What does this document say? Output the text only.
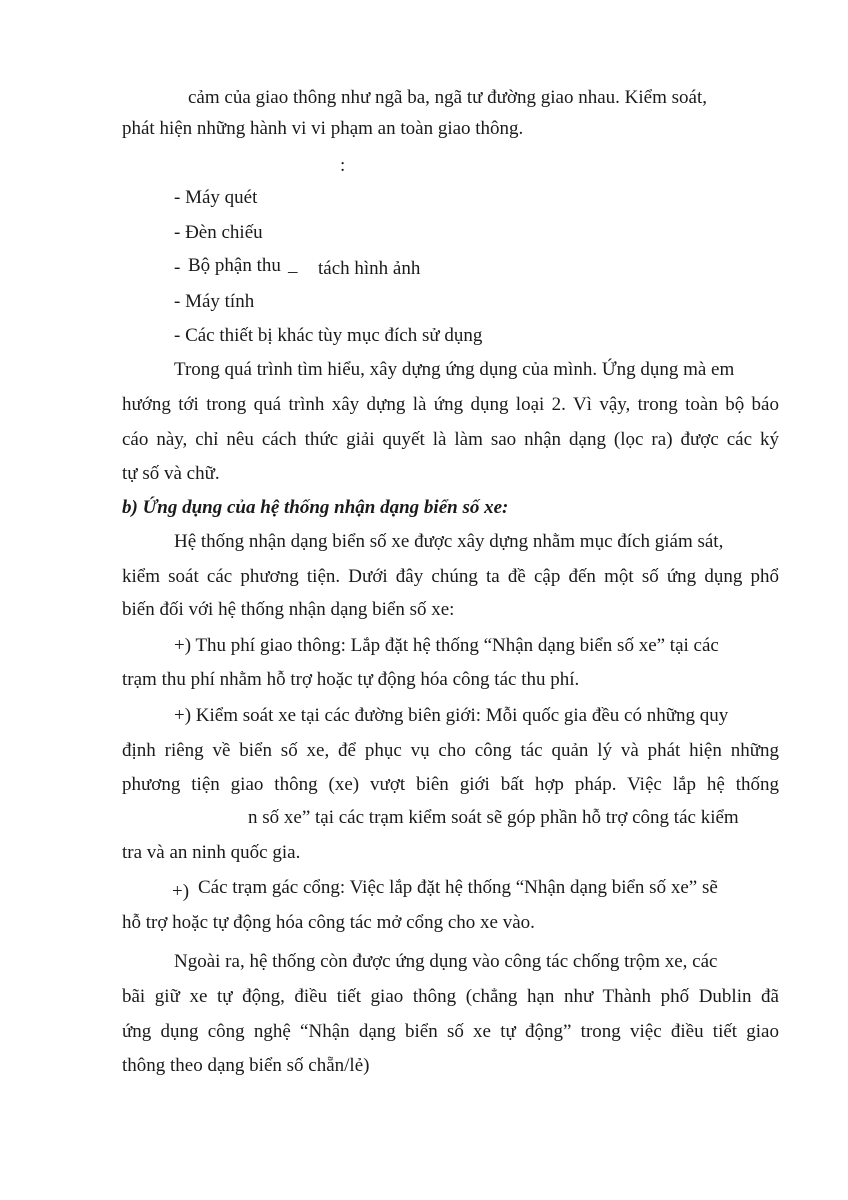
cảm của giao thông như ngã ba, ngã tư đường giao nhau. Kiểm soát,
phát hiện những hành vi vi phạm an toàn giao thông.
:
- Máy quét
- Đèn chiếu
- Bộ phận thu – tách hình ảnh
- Máy tính
- Các thiết bị khác tùy mục đích sử dụng
Trong quá trình tìm hiểu, xây dựng ứng dụng của mình. Ứng dụng mà em
hướng tới trong quá trình xây dựng là ứng dụng loại 2. Vì vậy, trong toàn bộ báo
cáo này, chỉ nêu cách thức giải quyết là làm sao nhận dạng (lọc ra) được các ký
tự số và chữ.
b) Ứng dụng của hệ thống nhận dạng biển số xe:
Hệ thống nhận dạng biển số xe được xây dựng nhằm mục đích giám sát,
kiểm soát các phương tiện. Dưới đây chúng ta đề cập đến một số ứng dụng phổ
biến đối với hệ thống nhận dạng biển số xe:
+) Thu phí giao thông: Lắp đặt hệ thống “Nhận dạng biển số xe” tại các
trạm thu phí nhằm hỗ trợ hoặc tự động hóa công tác thu phí.
+) Kiểm soát xe tại các đường biên giới: Mỗi quốc gia đều có những quy
định riêng về biển số xe, để phục vụ cho công tác quản lý và phát hiện những
phương tiện giao thông (xe) vượt biên giới bất hợp pháp. Việc lắp hệ thống
n số xe” tại các trạm kiểm soát sẽ góp phần hỗ trợ công tác kiểm
tra và an ninh quốc gia.
+) Các trạm gác cổng: Việc lắp đặt hệ thống “Nhận dạng biển số xe” sẽ
hỗ trợ hoặc tự động hóa công tác mở cổng cho xe vào.
Ngoài ra, hệ thống còn được ứng dụng vào công tác chống trộm xe, các
bãi giữ xe tự động, điều tiết giao thông (chẳng hạn như Thành phố Dublin đã
ứng dụng công nghệ “Nhận dạng biển số xe tự động” trong việc điều tiết giao
thông theo dạng biển số chẵn/lẻ)
